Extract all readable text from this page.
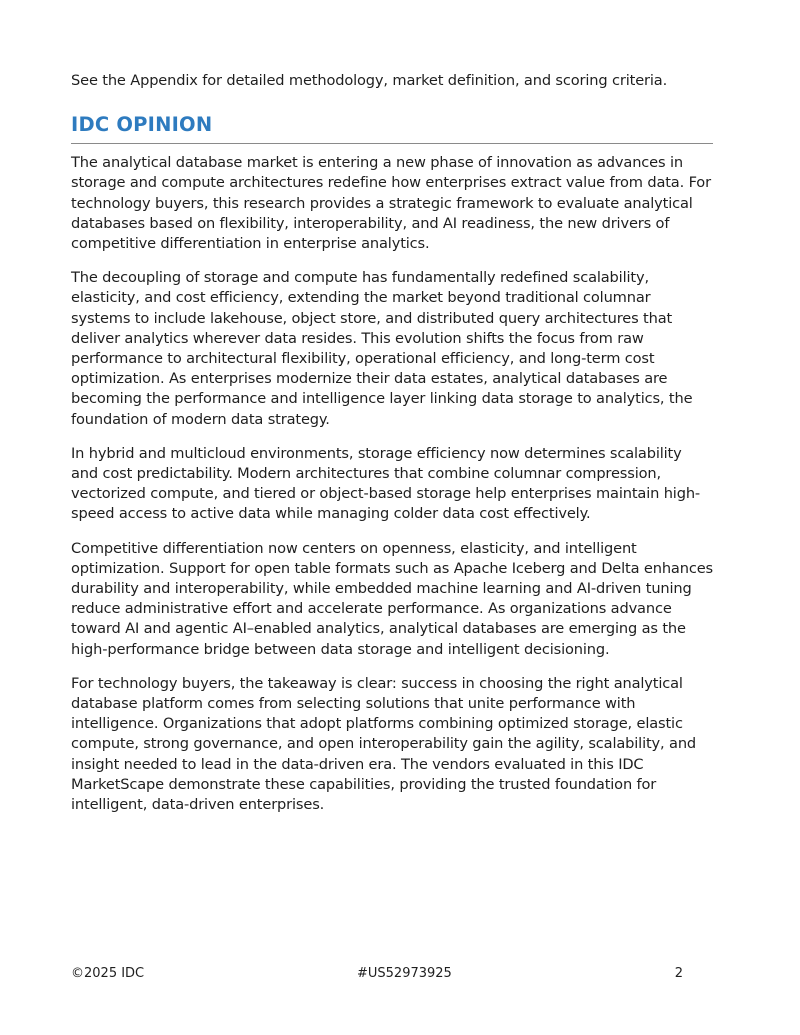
See the Appendix for detailed methodology, market definition, and scoring criteria.

IDC OPINION

The analytical database market is entering a new phase of innovation as advances in storage and compute architectures redefine how enterprises extract value from data. For technology buyers, this research provides a strategic framework to evaluate analytical databases based on flexibility, interoperability, and AI readiness, the new drivers of competitive differentiation in enterprise analytics.

The decoupling of storage and compute has fundamentally redefined scalability, elasticity, and cost efficiency, extending the market beyond traditional columnar systems to include lakehouse, object store, and distributed query architectures that deliver analytics wherever data resides. This evolution shifts the focus from raw performance to architectural flexibility, operational efficiency, and long-term cost optimization. As enterprises modernize their data estates, analytical databases are becoming the performance and intelligence layer linking data storage to analytics, the foundation of modern data strategy.

In hybrid and multicloud environments, storage efficiency now determines scalability and cost predictability. Modern architectures that combine columnar compression, vectorized compute, and tiered or object-based storage help enterprises maintain high-speed access to active data while managing colder data cost effectively.

Competitive differentiation now centers on openness, elasticity, and intelligent optimization. Support for open table formats such as Apache Iceberg and Delta enhances durability and interoperability, while embedded machine learning and AI-driven tuning reduce administrative effort and accelerate performance. As organizations advance toward AI and agentic AI–enabled analytics, analytical databases are emerging as the high-performance bridge between data storage and intelligent decisioning.

For technology buyers, the takeaway is clear: success in choosing the right analytical database platform comes from selecting solutions that unite performance with intelligence. Organizations that adopt platforms combining optimized storage, elastic compute, strong governance, and open interoperability gain the agility, scalability, and insight needed to lead in the data-driven era. The vendors evaluated in this IDC MarketScape demonstrate these capabilities, providing the trusted foundation for intelligent, data-driven enterprises.

©2025 IDC	#US52973925	2
